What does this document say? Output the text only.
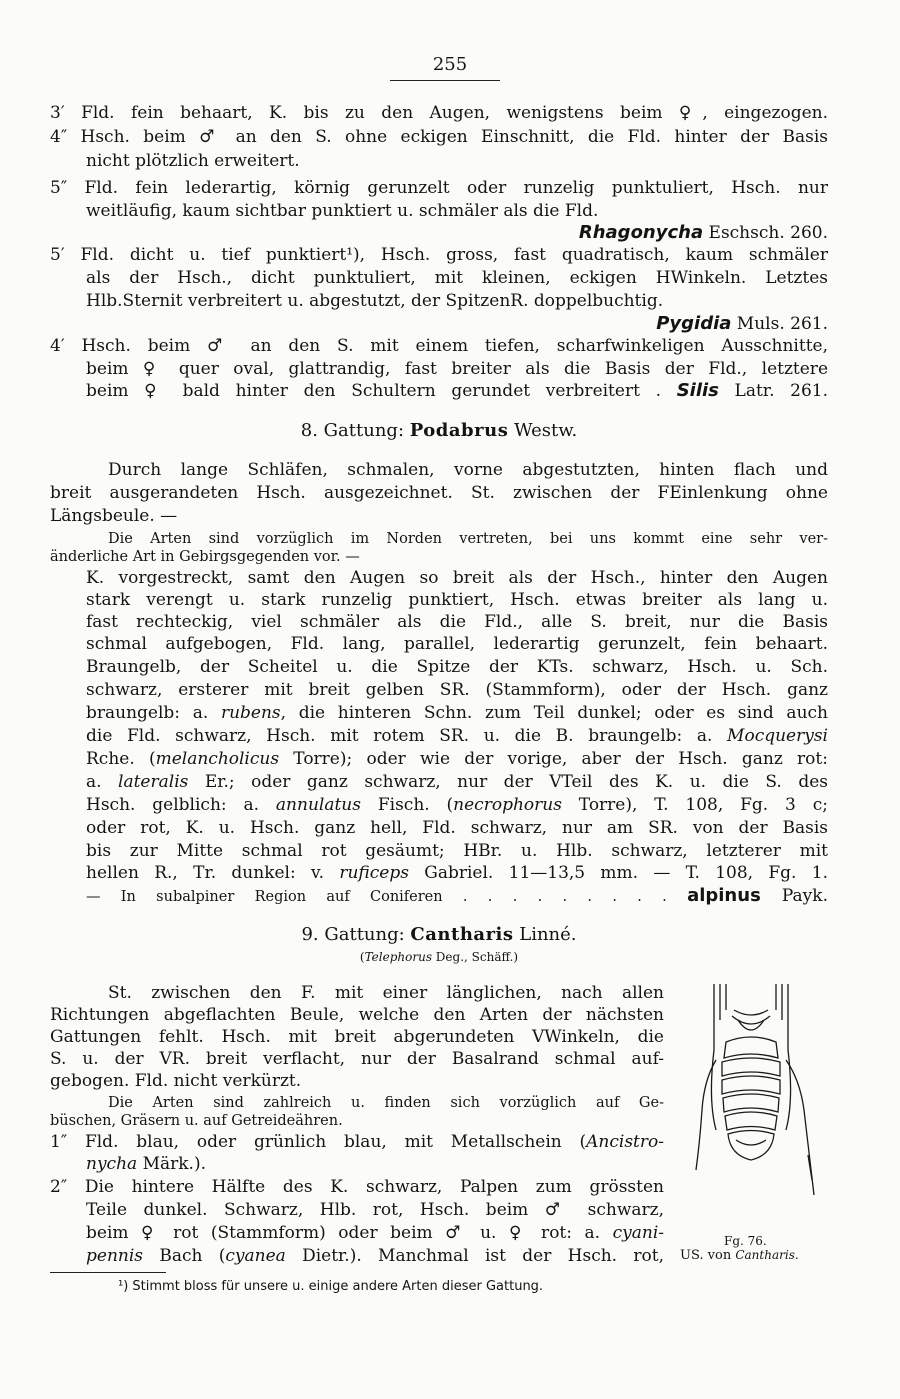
255
3′ Fld. fein behaart, K. bis zu den Augen, wenigstens beim ♀, eingezogen.
4″ Hsch. beim ♂ an den S. ohne eckigen Einschnitt, die Fld. hinter der Basis
nicht plötzlich erweitert.
5″ Fld. fein lederartig, körnig gerunzelt oder runzelig punktuliert, Hsch. nur
weitläufig, kaum sichtbar punktiert u. schmäler als die Fld.
Rhagonycha Eschsch. 260.
5′ Fld. dicht u. tief punktiert¹), Hsch. gross, fast quadratisch, kaum schmäler
als der Hsch., dicht punktuliert, mit kleinen, eckigen HWinkeln. Letztes
Hlb.Sternit verbreitert u. abgestutzt, der SpitzenR. doppelbuchtig.
Pygidia Muls. 261.
4′ Hsch. beim ♂ an den S. mit einem tiefen, scharfwinkeligen Ausschnitte,
beim ♀ quer oval, glattrandig, fast breiter als die Basis der Fld., letztere
beim ♀ bald hinter den Schultern gerundet verbreitert . Silis Latr. 261.
8. Gattung: Podabrus Westw.
Durch lange Schläfen, schmalen, vorne abgestutzten, hinten flach und
breit ausgerandeten Hsch. ausgezeichnet. St. zwischen der FEinlenkung ohne
Längsbeule. —
Die Arten sind vorzüglich im Norden vertreten, bei uns kommt eine sehr ver-
änderliche Art in Gebirgsgegenden vor. —
K. vorgestreckt, samt den Augen so breit als der Hsch., hinter den Augen
stark verengt u. stark runzelig punktiert, Hsch. etwas breiter als lang u.
fast rechteckig, viel schmäler als die Fld., alle S. breit, nur die Basis
schmal aufgebogen, Fld. lang, parallel, lederartig gerunzelt, fein behaart.
Braungelb, der Scheitel u. die Spitze der KTs. schwarz, Hsch. u. Sch.
schwarz, ersterer mit breit gelben SR. (Stammform), oder der Hsch. ganz
braungelb: a. rubens, die hinteren Schn. zum Teil dunkel; oder es sind auch
die Fld. schwarz, Hsch. mit rotem SR. u. die B. braungelb: a. Mocquerysi
Rche. (melancholicus Torre); oder wie der vorige, aber der Hsch. ganz rot:
a. lateralis Er.; oder ganz schwarz, nur der VTeil des K. u. die S. des
Hsch. gelblich: a. annulatus Fisch. (necrophorus Torre), T. 108, Fg. 3 c;
oder rot, K. u. Hsch. ganz hell, Fld. schwarz, nur am SR. von der Basis
bis zur Mitte schmal rot gesäumt; HBr. u. Hlb. schwarz, letzterer mit
hellen R., Tr. dunkel: v. ruficeps Gabriel. 11—13,5 mm. — T. 108, Fg. 1.
— In subalpiner Region auf Coniferen . . . . . . . . . alpinus Payk.
9. Gattung: Cantharis Linné.
(Telephorus Deg., Schäff.)
St. zwischen den F. mit einer länglichen, nach allen
Richtungen abgeflachten Beule, welche den Arten der nächsten
Gattungen fehlt. Hsch. mit breit abgerundeten VWinkeln, die
S. u. der VR. breit verflacht, nur der Basalrand schmal auf-
gebogen. Fld. nicht verkürzt.
Die Arten sind zahlreich u. finden sich vorzüglich auf Ge-
büschen, Gräsern u. auf Getreideähren.
1″ Fld. blau, oder grünlich blau, mit Metallschein (Ancistro-
nycha Märk.).
2″ Die hintere Hälfte des K. schwarz, Palpen zum grössten
Teile dunkel. Schwarz, Hlb. rot, Hsch. beim ♂ schwarz,
beim ♀ rot (Stammform) oder beim ♂ u. ♀ rot: a. cyani-
pennis Bach (cyanea Dietr.). Manchmal ist der Hsch. rot,
Fg. 76.
US. von Cantharis.
¹) Stimmt bloss für unsere u. einige andere Arten dieser Gattung.
